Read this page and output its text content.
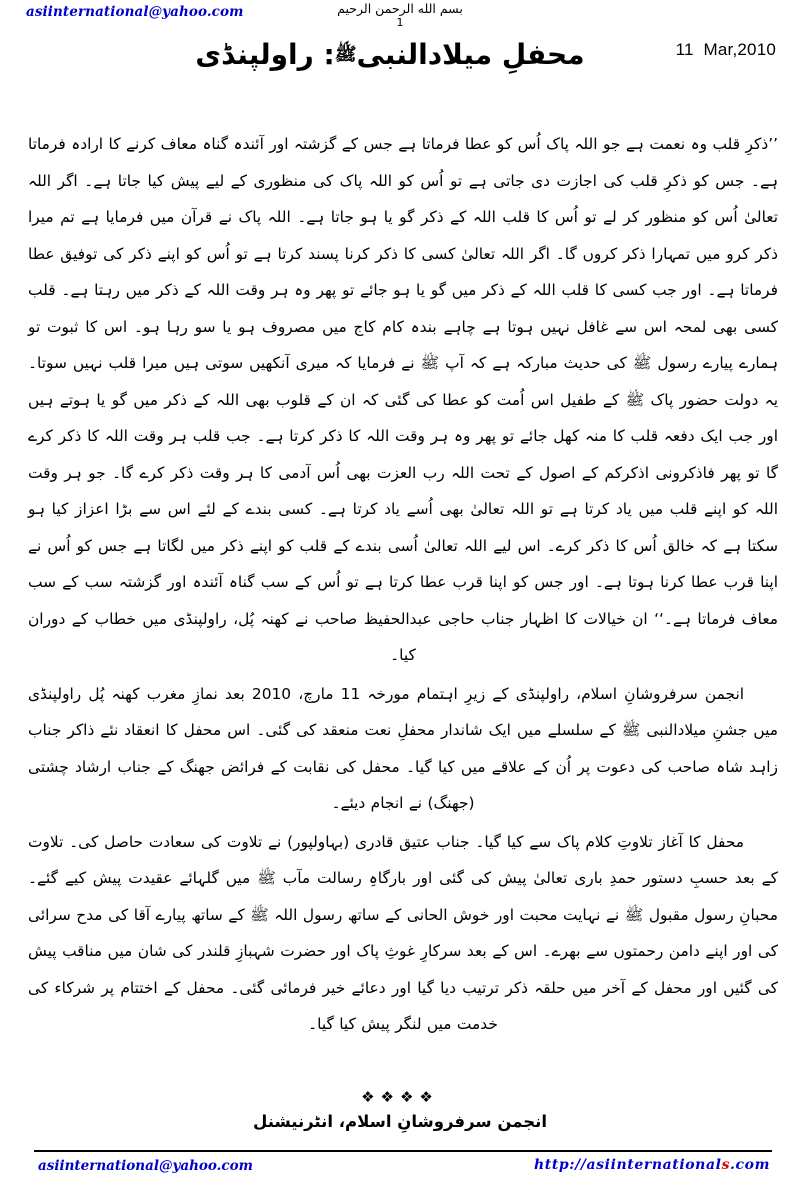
asiinternational@yahoo.com	بسم الله الرحمن الرحيم
1
11  Mar,2010
محفلِ میلادالنبیﷺ: راولپنڈی

’’ذکرِ قلب وہ نعمت ہے جو اللہ پاک اُس کو عطا فرماتا ہے جس کے گزشتہ اور آئندہ گناہ معاف کرنے کا ارادہ فرماتا ہے۔ جس کو ذکرِ قلب کی اجازت دی جاتی ہے تو اُس کو اللہ پاک کی منظوری کے لیے پیش کیا جاتا ہے۔ اگر اللہ تعالیٰ اُس کو منظور کر لے تو اُس کا قلب اللہ کے ذکر گو یا ہو جاتا ہے۔ اللہ پاک نے قرآن میں فرمایا ہے تم میرا ذکر کرو میں تمہارا ذکر کروں گا۔ اگر اللہ تعالیٰ کسی کا ذکر کرنا پسند کرتا ہے تو اُس کو اپنے ذکر کی توفیق عطا فرماتا ہے۔ اور جب کسی کا قلب اللہ کے ذکر میں گو یا ہو جائے تو پھر وہ ہر وقت اللہ کے ذکر میں رہتا ہے۔ قلب کسی بھی لمحہ اس سے غافل نہیں ہوتا ہے چاہے بندہ کام کاج میں مصروف ہو یا سو رہا ہو۔ اس کا ثبوت تو ہمارے پیارے رسول ﷺ کی حدیث مبارکہ ہے کہ آپ ﷺ نے فرمایا کہ میری آنکھیں سوتی ہیں میرا قلب نہیں سوتا۔ یہ دولت حضور پاک ﷺ کے طفیل اس اُمت کو عطا کی گئی کہ ان کے قلوب بھی اللہ کے ذکر میں گو یا ہوتے ہیں اور جب ایک دفعہ قلب کا منہ کھل جائے تو پھر وہ ہر وقت اللہ کا ذکر کرتا ہے۔ جب قلب ہر وقت اللہ کا ذکر کرے گا تو پھر فاذکرونی اذکرکم کے اصول کے تحت اللہ رب العزت بھی اُس آدمی کا ہر وقت ذکر کرے گا۔ جو ہر وقت اللہ کو اپنے قلب میں یاد کرتا ہے تو اللہ تعالیٰ بھی اُسے یاد کرتا ہے۔ کسی بندے کے لئے اس سے بڑا اعزاز کیا ہو سکتا ہے کہ خالق اُس کا ذکر کرے۔ اس لیے اللہ تعالیٰ اُسی بندے کے قلب کو اپنے ذکر میں لگاتا ہے جس کو اُس نے اپنا قرب عطا کرنا ہوتا ہے۔ اور جس کو اپنا قرب عطا کرتا ہے تو اُس کے سب گناہ آئندہ اور گزشتہ سب کے سب معاف فرماتا ہے۔‘‘ ان خیالات کا اظہار جناب حاجی عبدالحفیظ صاحب نے کھنہ پُل، راولپنڈی میں خطاب کے دوران کیا۔

انجمن سرفروشانِ اسلام، راولپنڈی کے زیرِ اہتمام مورخہ 11 مارچ، 2010 بعد نمازِ مغرب کھنہ پُل راولپنڈی میں جشنِ میلادالنبی ﷺ کے سلسلے میں ایک شاندار محفلِ نعت منعقد کی گئی۔ اس محفل کا انعقاد نئے ذاکر جناب زاہد شاہ صاحب کی دعوت پر اُن کے علاقے میں کیا گیا۔ محفل کی نقابت کے فرائض جھنگ کے جناب ارشاد چشتی (جھنگ) نے انجام دیئے۔

محفل کا آغاز تلاوتِ کلام پاک سے کیا گیا۔ جناب عتیق قادری (بہاولپور) نے تلاوت کی سعادت حاصل کی۔ تلاوت کے بعد حسبِ دستور حمدِ باری تعالیٰ پیش کی گئی اور بارگاہِ رسالت مآب ﷺ میں گلہائے عقیدت پیش کیے گئے۔ محبانِ رسول مقبول ﷺ نے نہایت محبت اور خوش الحانی کے ساتھ رسول اللہ ﷺ کے ساتھ پیارے آقا کی مدح سرائی کی اور اپنے دامن رحمتوں سے بھرے۔ اس کے بعد سرکارِ غوثِ پاک اور حضرت شہبازِ قلندر کی شان میں مناقب پیش کی گئیں اور محفل کے آخر میں حلقہ ذکر ترتیب دیا گیا اور دعائے خیر فرمائی گئی۔ محفل کے اختتام پر شرکاء کی خدمت میں لنگر پیش کیا گیا۔

❖❖❖❖
انجمن سرفروشانِ اسلام، انٹرنیشنل
asiinternational@yahoo.com	http://asiinternationals.com
